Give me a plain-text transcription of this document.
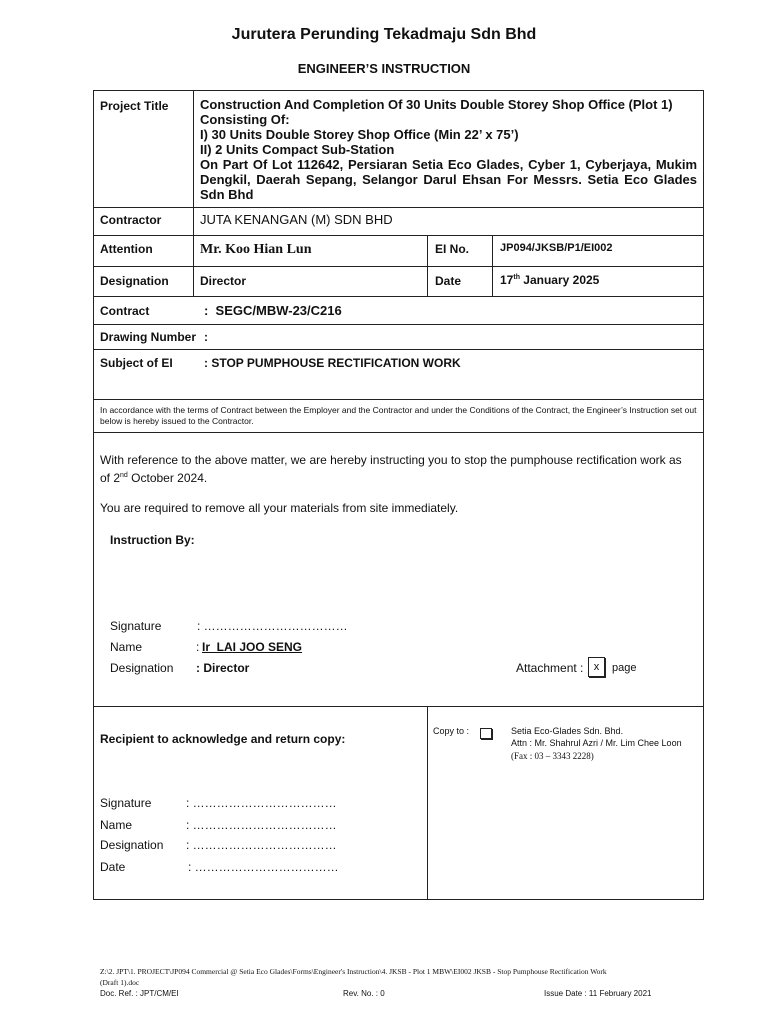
Jurutera Perunding Tekadmaju Sdn Bhd
ENGINEER’S INSTRUCTION
Project Title Construction And Completion Of 30 Units Double Storey Shop Office (Plot 1)
Consisting Of:
I) 30 Units Double Storey Shop Office (Min 22’ x 75’)
II) 2 Units Compact Sub-Station
On Part Of Lot 112642, Persiaran Setia Eco Glades, Cyber 1, Cyberjaya, Mukim
Dengkil, Daerah Sepang, Selangor Darul Ehsan For Messrs. Setia Eco Glades
Sdn Bhd
Contractor	JUTA KENANGAN (M) SDN BHD
Attention	Mr. Koo Hian Lun	EI No.	JP094/JKSB/P1/EI002
Designation	Director	Date	17th January 2025
Contract	:  SEGC/MBW-23/C216
Drawing Number :
Subject of EI	: STOP PUMPHOUSE RECTIFICATION WORK
In accordance with the terms of Contract between the Employer and the Contractor and under the Conditions of the Contract, the Engineer’s Instruction set out below is hereby issued to the Contractor.
With reference to the above matter, we are hereby instructing you to stop the pumphouse rectification work as
of 2nd October 2024.
You are required to remove all your materials from site immediately.
Instruction By:
Signature	: ………………………………
Name	: Ir  LAI JOO SENG
Designation : Director	Attachment : x	page
Recipient to acknowledge and return copy:
Signature	: ………………………………
Name	: ………………………………
Designation : ………………………………
Date	: ………………………………
Copy to :	Setia Eco-Glades Sdn. Bhd.
Attn : Mr. Shahrul Azri / Mr. Lim Chee Loon
(Fax : 03 – 3343 2228)
Z:\2. JPT\1. PROJECT\JP094 Commercial @ Setia Eco Glades\Forms\Engineer's Instruction\4. JKSB - Plot 1 MBW\EI002 JKSB - Stop Pumphouse Rectification Work
(Draft 1).doc
Doc. Ref. : JPT/CM/EI	Rev. No. : 0	Issue Date : 11 February 2021
